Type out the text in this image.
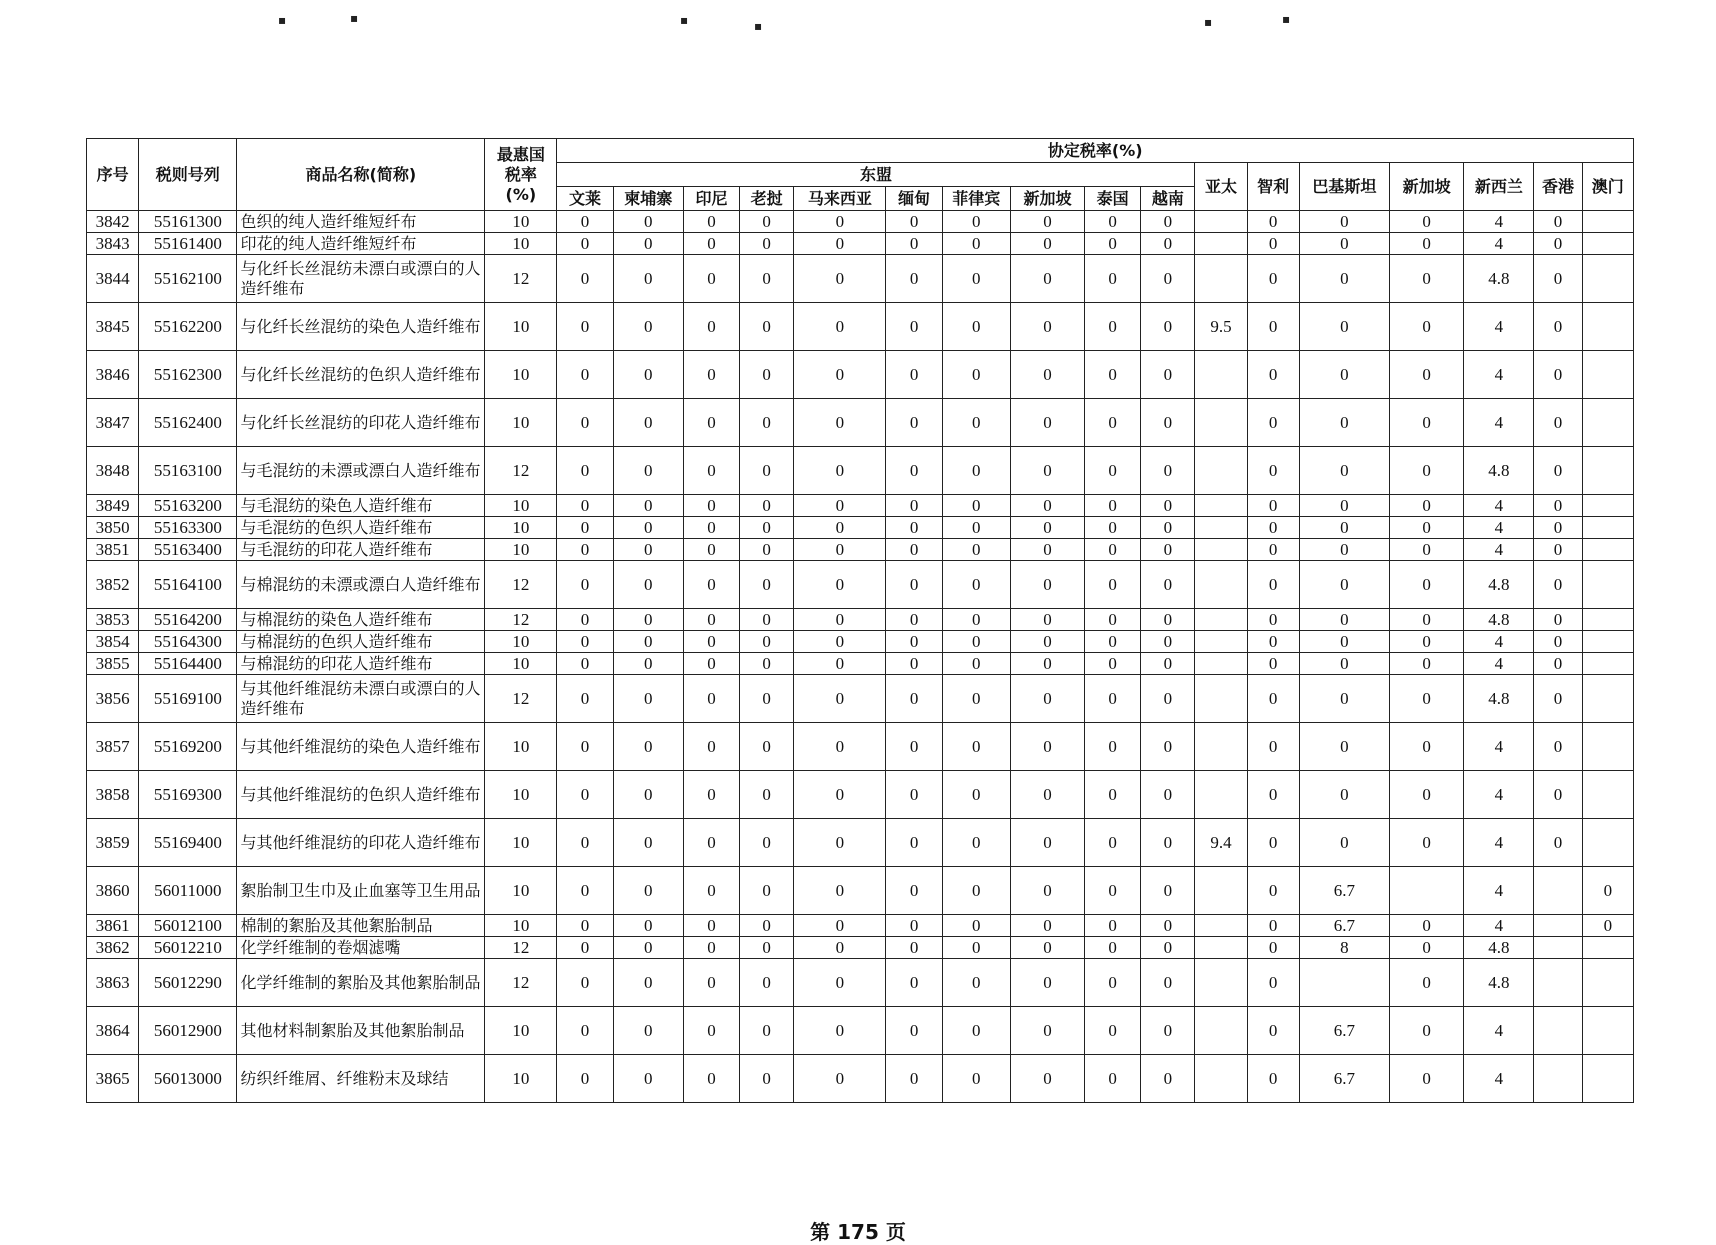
▪	▪	▪	▪	▪	▪
序号	税则号列	商品名称(简称)	最惠国
税率
(%)	协定税率(%)																
				东盟										亚太	智利	巴基斯坦	新加坡	新西兰	香港	澳门
				文莱	柬埔寨	印尼	老挝	马来西亚	缅甸	菲律宾	新加坡	泰国	越南							
3842	55161300	色织的纯人造纤维短纤布	10	0	0	0	0	0	0	0	0	0	0		0	0	0	4	0	
3843	55161400	印花的纯人造纤维短纤布	10	0	0	0	0	0	0	0	0	0	0		0	0	0	4	0	
3844	55162100	与化纤长丝混纺未漂白或漂白的人造纤维布	12	0	0	0	0	0	0	0	0	0	0		0	0	0	4.8	0	
3845	55162200	与化纤长丝混纺的染色人造纤维布	10	0	0	0	0	0	0	0	0	0	0	9.5	0	0	0	4	0	
3846	55162300	与化纤长丝混纺的色织人造纤维布	10	0	0	0	0	0	0	0	0	0	0		0	0	0	4	0	
3847	55162400	与化纤长丝混纺的印花人造纤维布	10	0	0	0	0	0	0	0	0	0	0		0	0	0	4	0	
3848	55163100	与毛混纺的未漂或漂白人造纤维布	12	0	0	0	0	0	0	0	0	0	0		0	0	0	4.8	0	
3849	55163200	与毛混纺的染色人造纤维布	10	0	0	0	0	0	0	0	0	0	0		0	0	0	4	0	
3850	55163300	与毛混纺的色织人造纤维布	10	0	0	0	0	0	0	0	0	0	0		0	0	0	4	0	
3851	55163400	与毛混纺的印花人造纤维布	10	0	0	0	0	0	0	0	0	0	0		0	0	0	4	0	
3852	55164100	与棉混纺的未漂或漂白人造纤维布	12	0	0	0	0	0	0	0	0	0	0		0	0	0	4.8	0	
3853	55164200	与棉混纺的染色人造纤维布	12	0	0	0	0	0	0	0	0	0	0		0	0	0	4.8	0	
3854	55164300	与棉混纺的色织人造纤维布	10	0	0	0	0	0	0	0	0	0	0		0	0	0	4	0	
3855	55164400	与棉混纺的印花人造纤维布	10	0	0	0	0	0	0	0	0	0	0		0	0	0	4	0	
3856	55169100	与其他纤维混纺未漂白或漂白的人造纤维布	12	0	0	0	0	0	0	0	0	0	0		0	0	0	4.8	0	
3857	55169200	与其他纤维混纺的染色人造纤维布	10	0	0	0	0	0	0	0	0	0	0		0	0	0	4	0	
3858	55169300	与其他纤维混纺的色织人造纤维布	10	0	0	0	0	0	0	0	0	0	0		0	0	0	4	0	
3859	55169400	与其他纤维混纺的印花人造纤维布	10	0	0	0	0	0	0	0	0	0	0	9.4	0	0	0	4	0	
3860	56011000	絮胎制卫生巾及止血塞等卫生用品	10	0	0	0	0	0	0	0	0	0	0		0	6.7		4		0
3861	56012100	棉制的絮胎及其他絮胎制品	10	0	0	0	0	0	0	0	0	0	0		0	6.7	0	4		0
3862	56012210	化学纤维制的卷烟滤嘴	12	0	0	0	0	0	0	0	0	0	0		0	8	0	4.8		
3863	56012290	化学纤维制的絮胎及其他絮胎制品	12	0	0	0	0	0	0	0	0	0	0		0		0	4.8		
3864	56012900	其他材料制絮胎及其他絮胎制品	10	0	0	0	0	0	0	0	0	0	0		0	6.7	0	4		
3865	56013000	纺织纤维屑、纤维粉末及球结	10	0	0	0	0	0	0	0	0	0	0		0	6.7	0	4		
第 175 页
